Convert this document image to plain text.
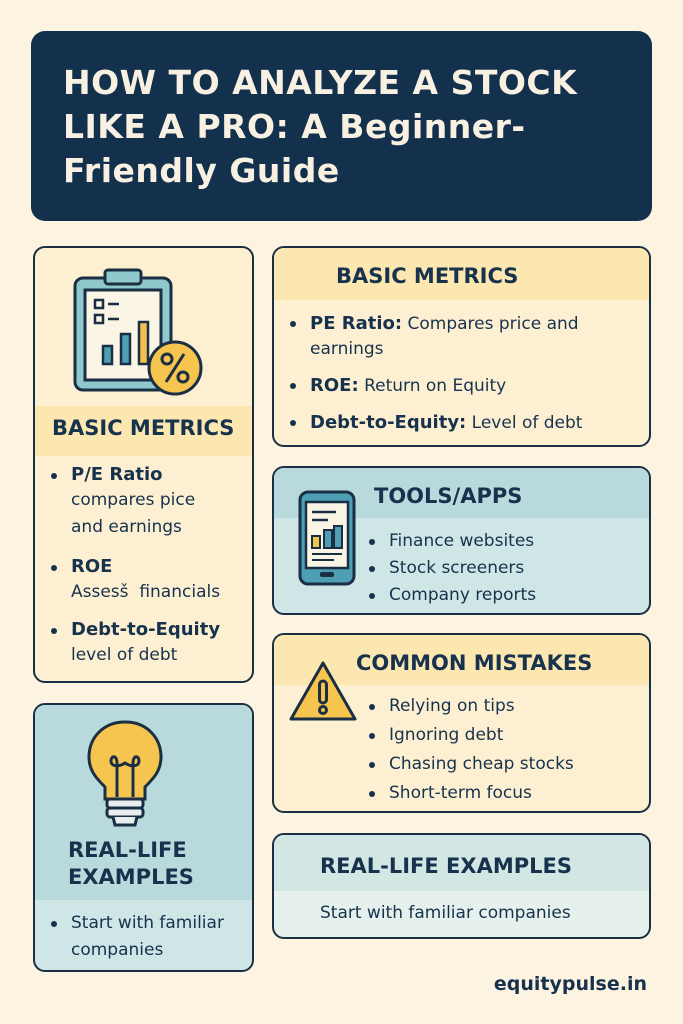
HOW TO ANALYZE A STOCK LIKE A PRO: A Beginner-Friendly Guide
BASIC METRICS
P/E Ratio
compares pice and earnings
ROE
Assesš  financials
Debt-to-Equity
level of debt
REAL-LIFE EXAMPLES
Start with familiar companies
BASIC METRICS
PE Ratio: Compares price and earnings
ROE: Return on Equity
Debt-to-Equity: Level of debt
TOOLS/APPS
Finance websites
Stock screeners
Company reports
COMMON MISTAKES
Relying on tips
Ignoring debt
Chasing cheap stocks
Short-term focus
REAL-LIFE EXAMPLES
Start with familiar companies
equitypulse.in
